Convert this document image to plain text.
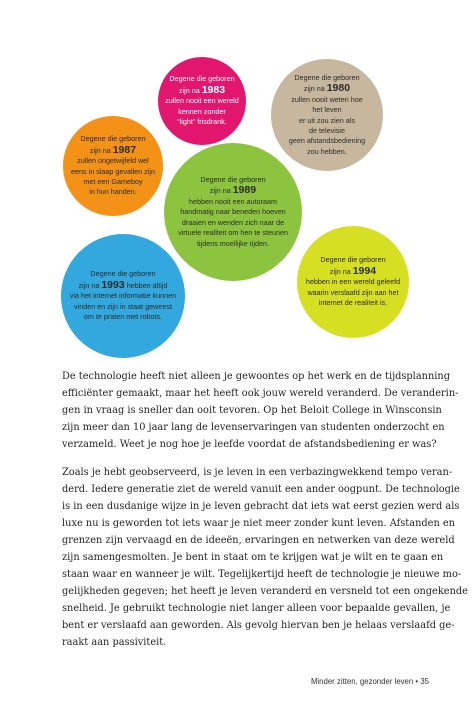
Degene die geboren
zijn na 1983
zullen nooit een wereld
kennen zonder
“light” frisdrank.
Degene die geboren
zijn na 1980
zullen nooit weten hoe
het leven
er uit zou zien als
de televisie
geen afstandsbediening
zou hebben.
Degene die geboren
zijn na 1987
zullen ongetwijfeld wel
eens in slaap gevallen zijn
met een Gameboy
in hun handen.
Degene die geboren
zijn na 1989
hebben nooit een autoraam
handmatig naar beneden hoeven
draaien en wenden zich naar de
virtuele realiteit om hen te steunen
tijdens moeilijke tijden.
Degene die geboren
zijn na 1994
hebben in een wereld geleefd
waarin verslaafd zijn aan het
internet de realiteit is.
Degene die geboren
zijn na 1993 hebben altijd
via het internet informatie kunnen
vinden en zijn in staat geweest
om te praten met robots.
De technologie heeft niet alleen je gewoontes op het werk en de tijdsplanning
efficiënter gemaakt, maar het heeft ook jouw wereld veranderd. De veranderin-
gen in vraag is sneller dan ooit tevoren. Op het Beloit College in Winsconsin
zijn meer dan 10 jaar lang de levenservaringen van studenten onderzocht en
verzameld. Weet je nog hoe je leefde voordat de afstandsbediening er was?
Zoals je hebt geobserveerd, is je leven in een verbazingwekkend tempo veran-
derd. Iedere generatie ziet de wereld vanuit een ander oogpunt. De technologie
is in een dusdanige wijze in je leven gebracht dat iets wat eerst gezien werd als
luxe nu is geworden tot iets waar je niet meer zonder kunt leven. Afstanden en
grenzen zijn vervaagd en de ideeën, ervaringen en netwerken van deze wereld
zijn samengesmolten. Je bent in staat om te krijgen wat je wilt en te gaan en
staan waar en wanneer je wilt. Tegelijkertijd heeft de technologie je nieuwe mo-
gelijkheden gegeven; het heeft je leven veranderd en versneld tot een ongekende
snelheid. Je gebruikt technologie niet langer alleen voor bepaalde gevallen, je
bent er verslaafd aan geworden. Als gevolg hiervan ben je helaas verslaafd ge-
raakt aan passiviteit.
Minder zitten, gezonder leven • 35
